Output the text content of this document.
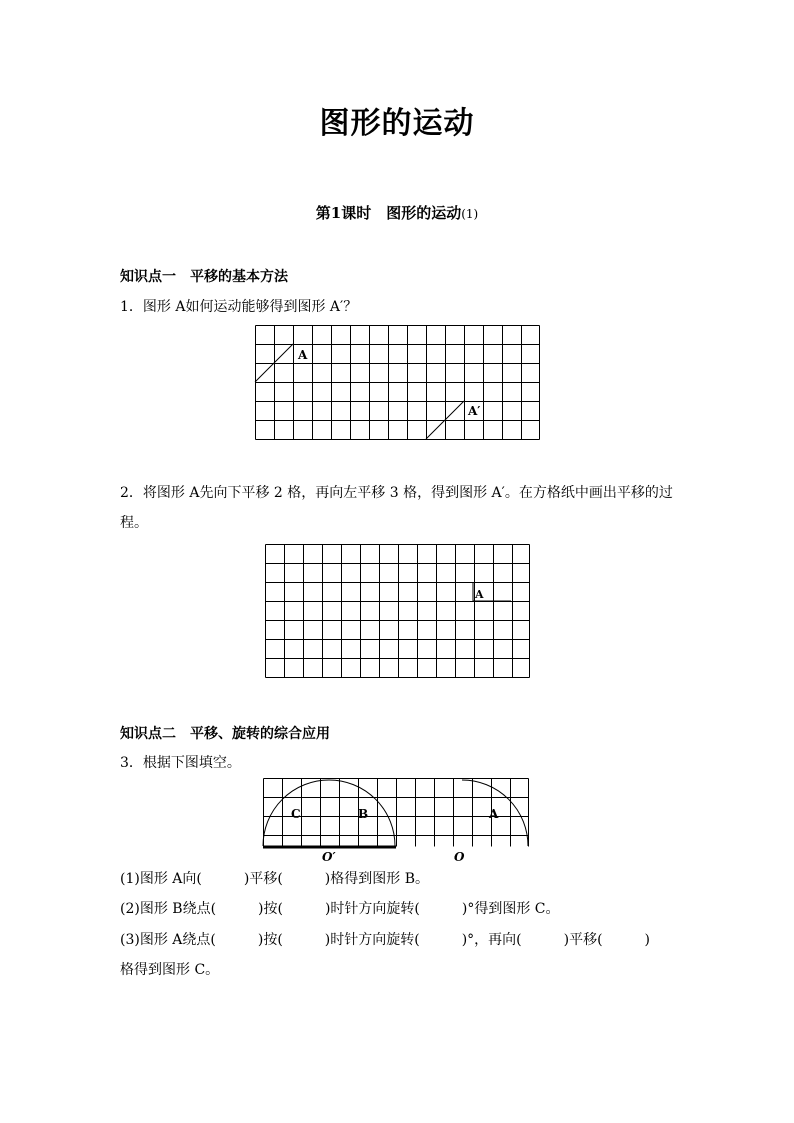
图形的运动
第1课时　图形的运动(1)
知识点一　平移的基本方法
1．图形 A如何运动能够得到图形 A′？
A
A′
2．将图形 A先向下平移 2 格，再向左平移 3 格，得到图形 A′。在方格纸中画出平移的过
程。
A
知识点二　平移、旋转的综合应用
3．根据下图填空。
C	B	A
O′	O
(1)图形 A向(　　　)平移(　　　)格得到图形 B。
(2)图形 B绕点(　　　)按(　　　)时针方向旋转(　　　)°得到图形 C。
(3)图形 A绕点(　　　)按(　　　)时针方向旋转(　　　)°，再向(　　　)平移(　　　)
格得到图形 C。
